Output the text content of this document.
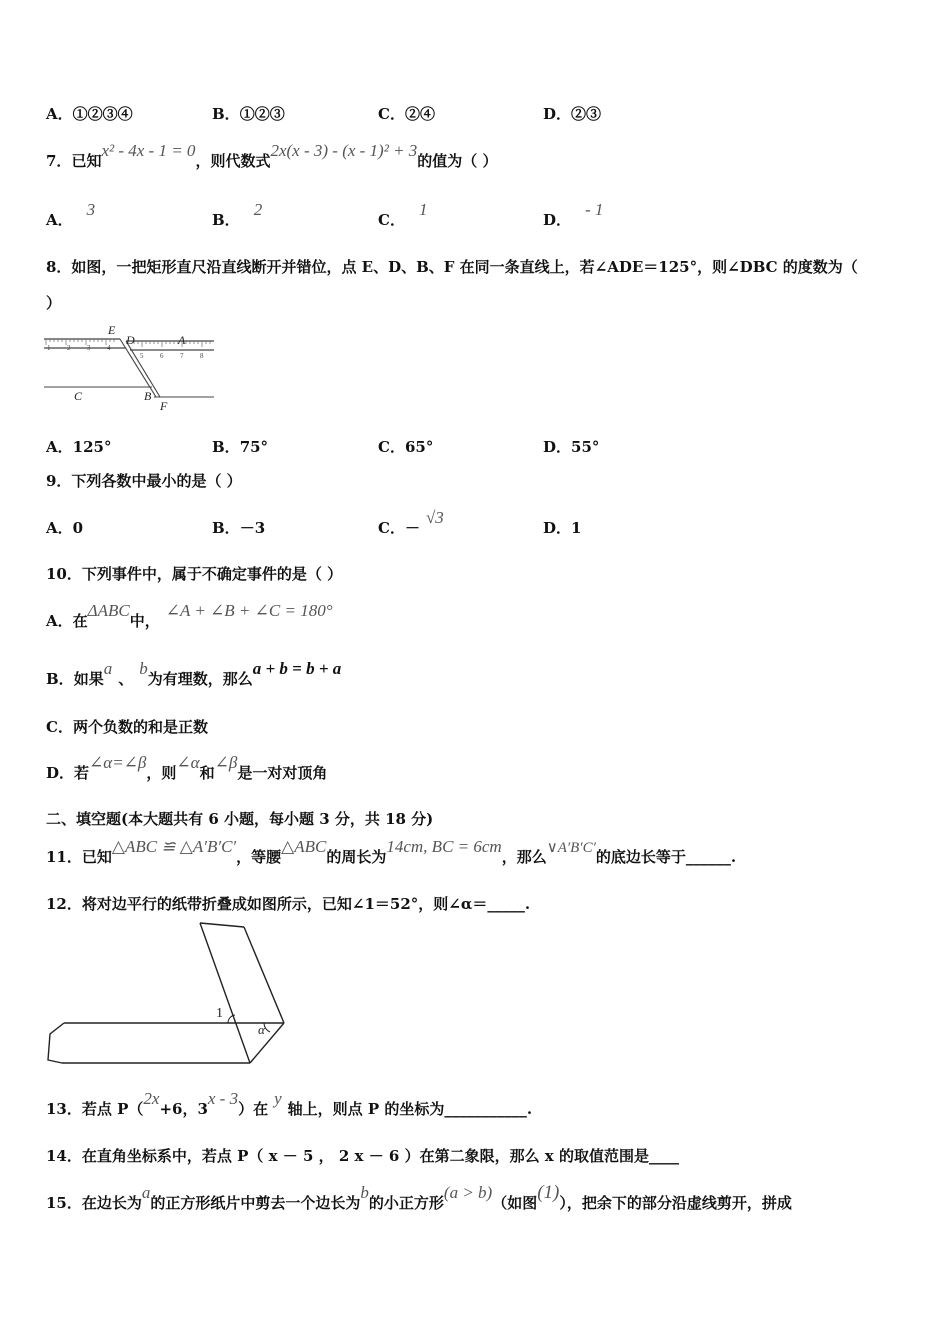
A．①②③④	B．①②③	C．②④	D．②③
7．已知x² - 4x - 1 = 0，则代数式2x(x - 3) - (x - 1)² + 3的值为（ ）
A．3
B．2
C．1
D．- 1
8．如图，一把矩形直尺沿直线断开并错位，点 E、D、B、F 在同一条直线上，若∠ADE＝125°，则∠DBC 的度数为（
）
1 2 3 4
5 6 7 8
E
D	A
C	B
F
A．125°	B．75°	C．65°	D．55°
9．下列各数中最小的是（ ）
A．0	B．－3	C．－√3
D．1
10．下列事件中，属于不确定事件的是（ ）
A．在ΔABC中，∠A + ∠B + ∠C = 180°
B．如果a、b为有理数，那么a + b = b + a
C．两个负数的和是正数
D．若∠α=∠β，则∠α和∠β是一对对顶角
二、填空题(本大题共有 6 小题，每小题 3 分，共 18 分)
11．已知△ABC ≌ △A′B′C′，等腰△ABC的周长为14cm, BC = 6cm，那么∨A′B′C′的底边长等于______.
12．将对边平行的纸带折叠成如图所示，已知∠1＝52°，则∠α＝_____.
1
α
13．若点 P（2x+6，3x - 3）在y轴上，则点 P 的坐标为___________.
14．在直角坐标系中，若点 P（ x － 5 ， 2 x － 6 ）在第二象限，那么 x 的取值范围是____
15．在边长为a的正方形纸片中剪去一个边长为b的小正方形(a > b)（如图(1)），把余下的部分沿虚线剪开，拼成
